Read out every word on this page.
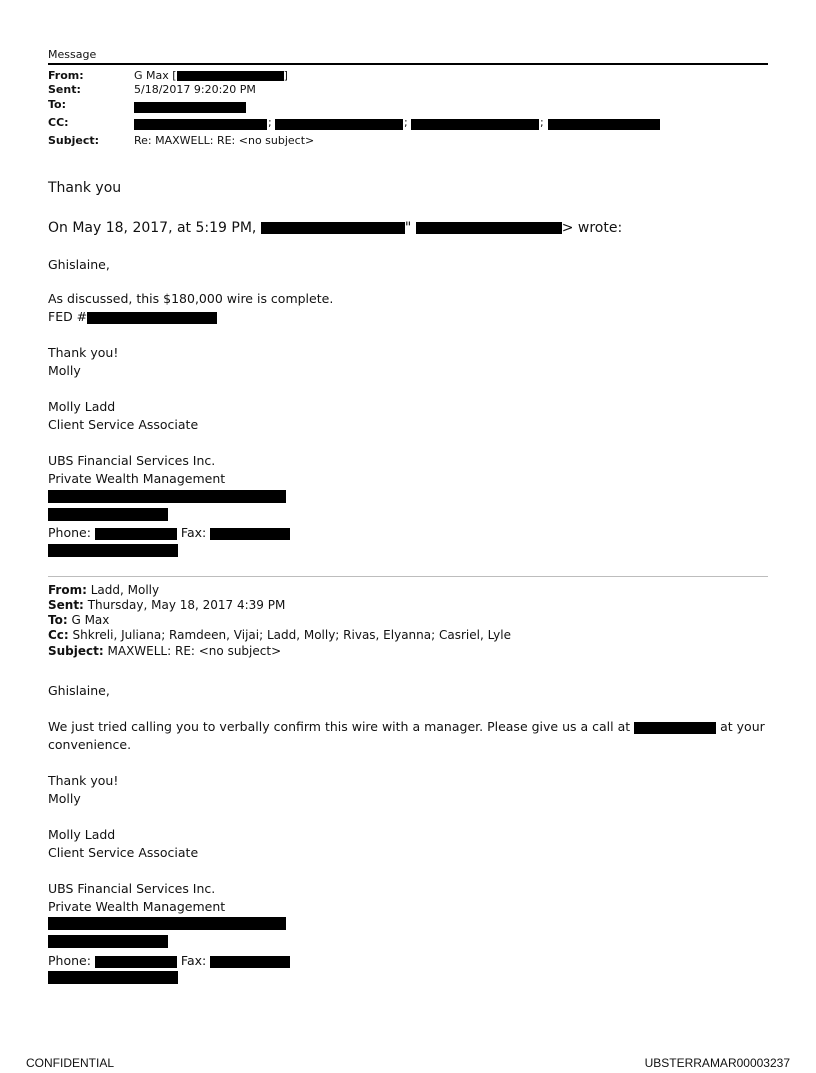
Message
From:	G Max [	]
Sent:	5/18/2017 9:20:20 PM
To:
CC:	;	;	;
Subject:	Re: MAXWELL: RE: <no subject>
Thank you
On May 18, 2017, at 5:19 PM,	"	> wrote:
Ghislaine,
As discussed, this $180,000 wire is complete.
FED #
Thank you!
Molly
Molly Ladd
Client Service Associate
UBS Financial Services Inc.
Private Wealth Management
Phone:	Fax:
From: Ladd, Molly
Sent: Thursday, May 18, 2017 4:39 PM
To: G Max
Cc: Shkreli, Juliana; Ramdeen, Vijai; Ladd, Molly; Rivas, Elyanna; Casriel, Lyle
Subject: MAXWELL: RE: <no subject>
Ghislaine,
We just tried calling you to verbally confirm this wire with a manager. Please give us a call at	at your
convenience.
Thank you!
Molly
Molly Ladd
Client Service Associate
UBS Financial Services Inc.
Private Wealth Management
Phone:	Fax:
CONFIDENTIAL	UBSTERRAMAR00003237
